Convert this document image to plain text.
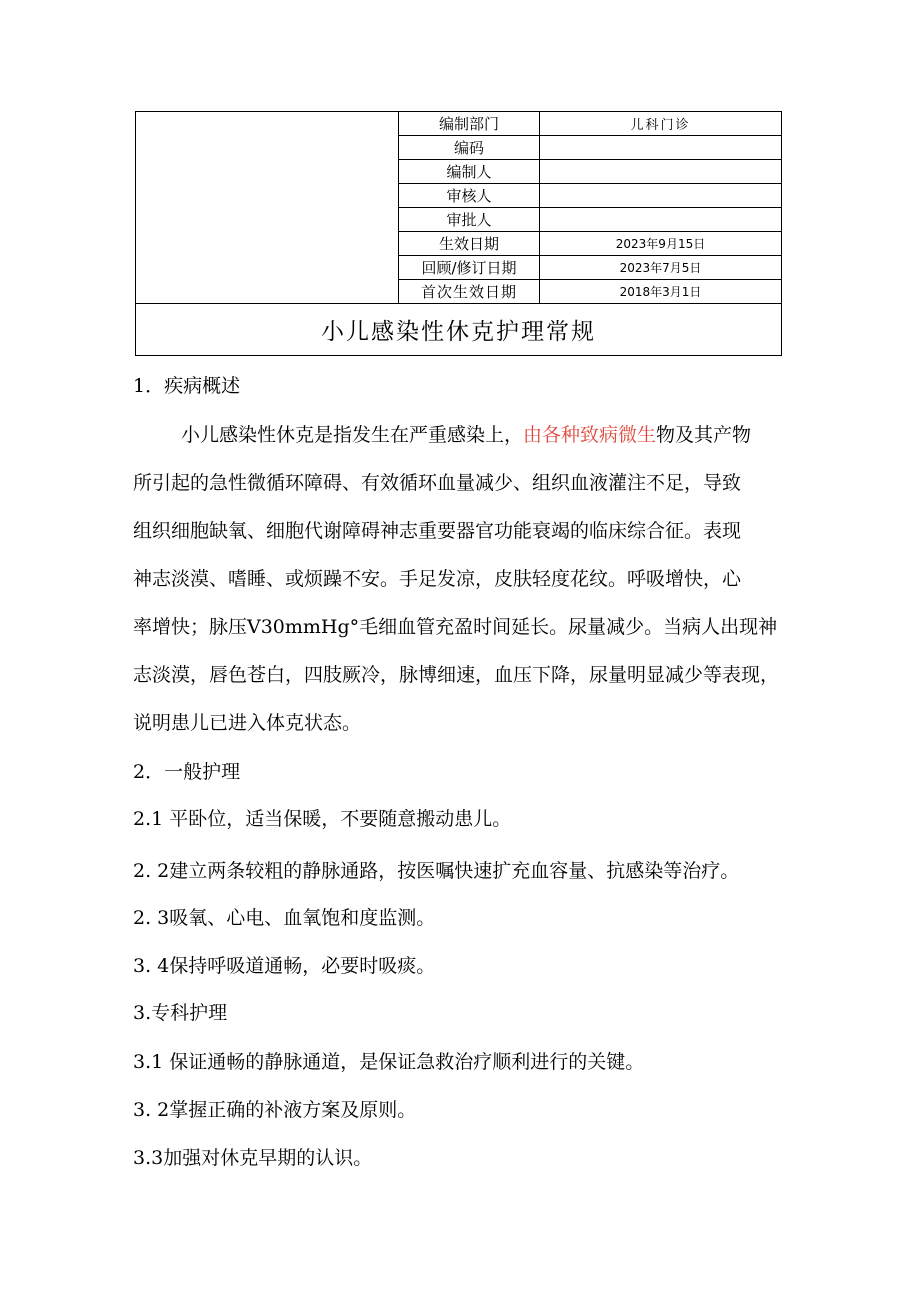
	编制部门	儿科门诊
	编码	
	编制人	
	审核人	
	审批人	
	生效日期	2023年9月15日
	回顾/修订日期	2023年7月5日
	首次生效日期	2018年3月1日
小儿感染性休克护理常规		
1．疾病概述
小儿感染性休克是指发生在严重感染上，由各种致病微生物及其产物
所引起的急性微循环障碍、有效循环血量减少、组织血液灌注不足，导致
组织细胞缺氧、细胞代谢障碍神志重要器官功能衰竭的临床综合征。表现
神志淡漠、嗜睡、或烦躁不安。手足发凉，皮肤轻度花纹。呼吸增快，心
率增快；脉压V30mmHg°毛细血管充盈时间延长。尿量减少。当病人出现神
志淡漠，唇色苍白，四肢厥冷，脉博细速，血压下降，尿量明显减少等表现，
说明患儿已进入体克状态。
2．一般护理
2.1 平卧位，适当保暖，不要随意搬动患儿。
2. 2建立两条较粗的静脉通路，按医嘱快速扩充血容量、抗感染等治疗。
2. 3吸氧、心电、血氧饱和度监测。
3. 4保持呼吸道通畅，必要时吸痰。
3.专科护理
3.1 保证通畅的静脉通道，是保证急救治疗顺利进行的关键。
3. 2掌握正确的补液方案及原则。
3.3加强对休克早期的认识。
